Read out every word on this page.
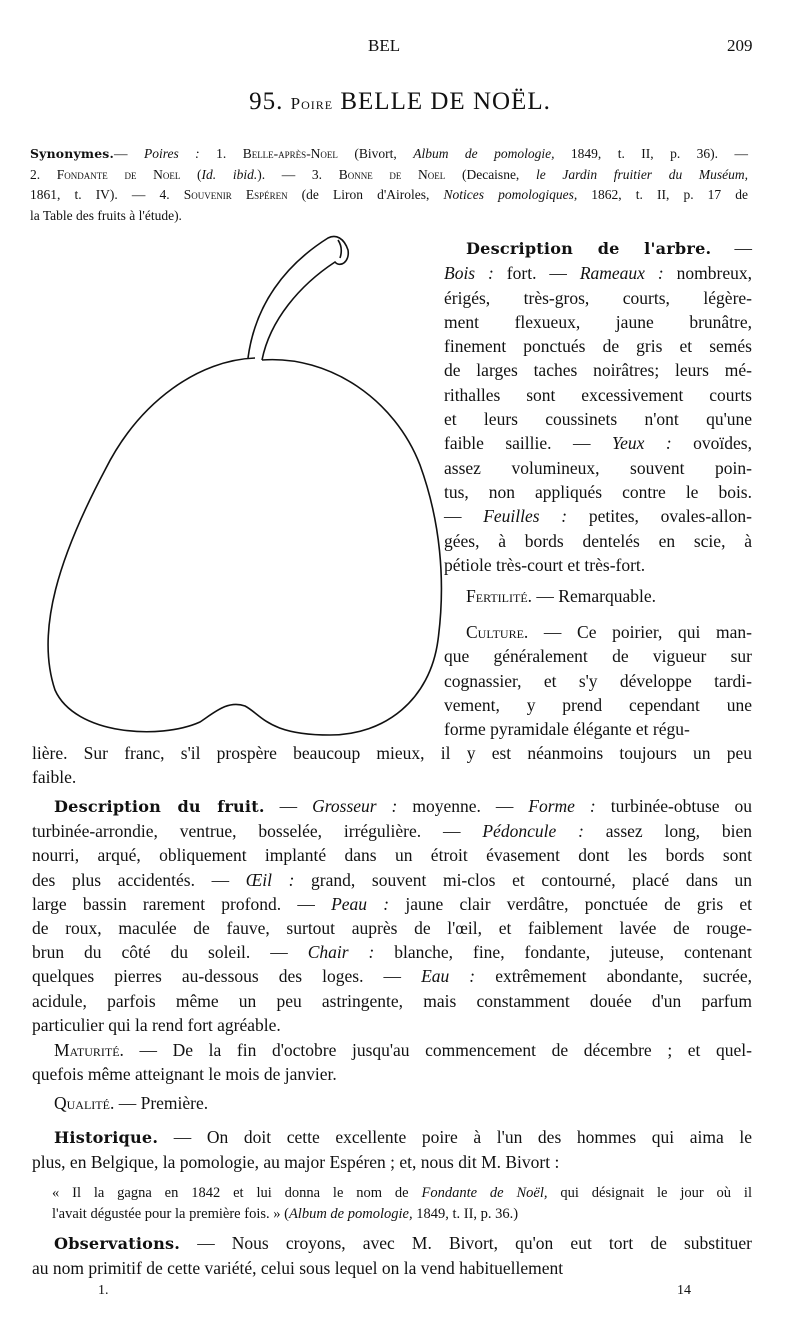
BEL	209
95. Poire BELLE DE NOËL.
Synonymes.— Poires : 1. Belle-après-Noel (Bivort, Album de pomologie, 1849, t. II, p. 36). —
2. Fondante de Noel (Id. ibid.). — 3. Bonne de Noel (Decaisne, le Jardin fruitier du Muséum,
1861, t. IV). — 4. Souvenir Espéren (de Liron d'Airoles, Notices pomologiques, 1862, t. II, p. 17 de
la Table des fruits à l'étude).
Description de l'arbre. —
Bois : fort. — Rameaux : nombreux,
érigés, très-gros, courts, légère-
ment flexueux, jaune brunâtre,
finement ponctués de gris et semés
de larges taches noirâtres; leurs mé-
rithalles sont excessivement courts
et leurs coussinets n'ont qu'une
faible saillie. — Yeux : ovoïdes,
assez volumineux, souvent poin-
tus, non appliqués contre le bois.
— Feuilles : petites, ovales-allon-
gées, à bords dentelés en scie, à
pétiole très-court et très-fort.
Fertilité. — Remarquable.
Culture. — Ce poirier, qui man-
que généralement de vigueur sur
cognassier, et s'y développe tardi-
vement, y prend cependant une
forme pyramidale élégante et régu-
lière. Sur franc, s'il prospère beaucoup mieux, il y est néanmoins toujours un peu
faible.
Description du fruit. — Grosseur : moyenne. — Forme : turbinée-obtuse ou
turbinée-arrondie, ventrue, bosselée, irrégulière. — Pédoncule : assez long, bien
nourri, arqué, obliquement implanté dans un étroit évasement dont les bords sont
des plus accidentés. — Œil : grand, souvent mi-clos et contourné, placé dans un
large bassin rarement profond. — Peau : jaune clair verdâtre, ponctuée de gris et
de roux, maculée de fauve, surtout auprès de l'œil, et faiblement lavée de rouge-
brun du côté du soleil. — Chair : blanche, fine, fondante, juteuse, contenant
quelques pierres au-dessous des loges. — Eau : extrêmement abondante, sucrée,
acidule, parfois même un peu astringente, mais constamment douée d'un parfum
particulier qui la rend fort agréable.
Maturité. — De la fin d'octobre jusqu'au commencement de décembre ; et quel-
quefois même atteignant le mois de janvier.
Qualité. — Première.
Historique. — On doit cette excellente poire à l'un des hommes qui aima le
plus, en Belgique, la pomologie, au major Espéren ; et, nous dit M. Bivort :
« Il la gagna en 1842 et lui donna le nom de Fondante de Noël, qui désignait le jour où il
l'avait dégustée pour la première fois. » (Album de pomologie, 1849, t. II, p. 36.)
Observations. — Nous croyons, avec M. Bivort, qu'on eut tort de substituer
au nom primitif de cette variété, celui sous lequel on la vend habituellement
1.	14
